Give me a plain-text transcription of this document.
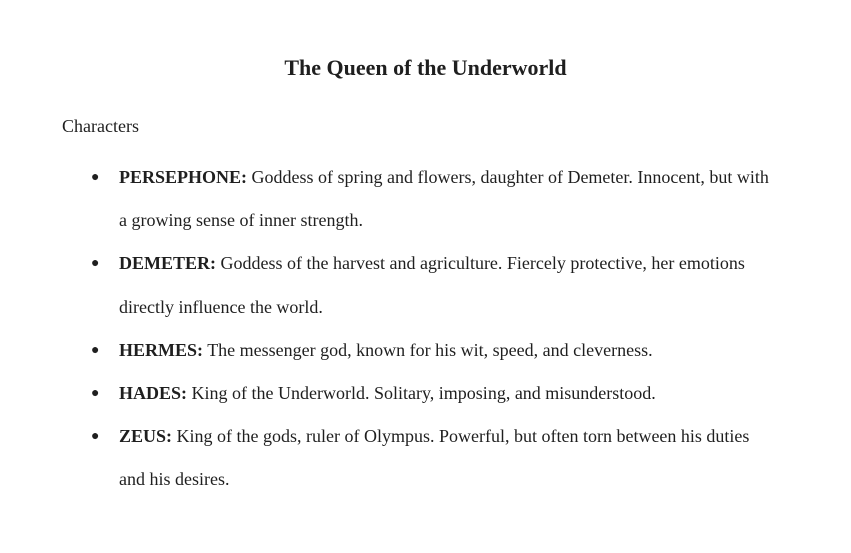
The Queen of the Underworld

Characters

● PERSEPHONE: Goddess of spring and flowers, daughter of Demeter. Innocent, but with a growing sense of inner strength.
● DEMETER: Goddess of the harvest and agriculture. Fiercely protective, her emotions directly influence the world.
● HERMES: The messenger god, known for his wit, speed, and cleverness.
● HADES: King of the Underworld. Solitary, imposing, and misunderstood.
● ZEUS: King of the gods, ruler of Olympus. Powerful, but often torn between his duties and his desires.
